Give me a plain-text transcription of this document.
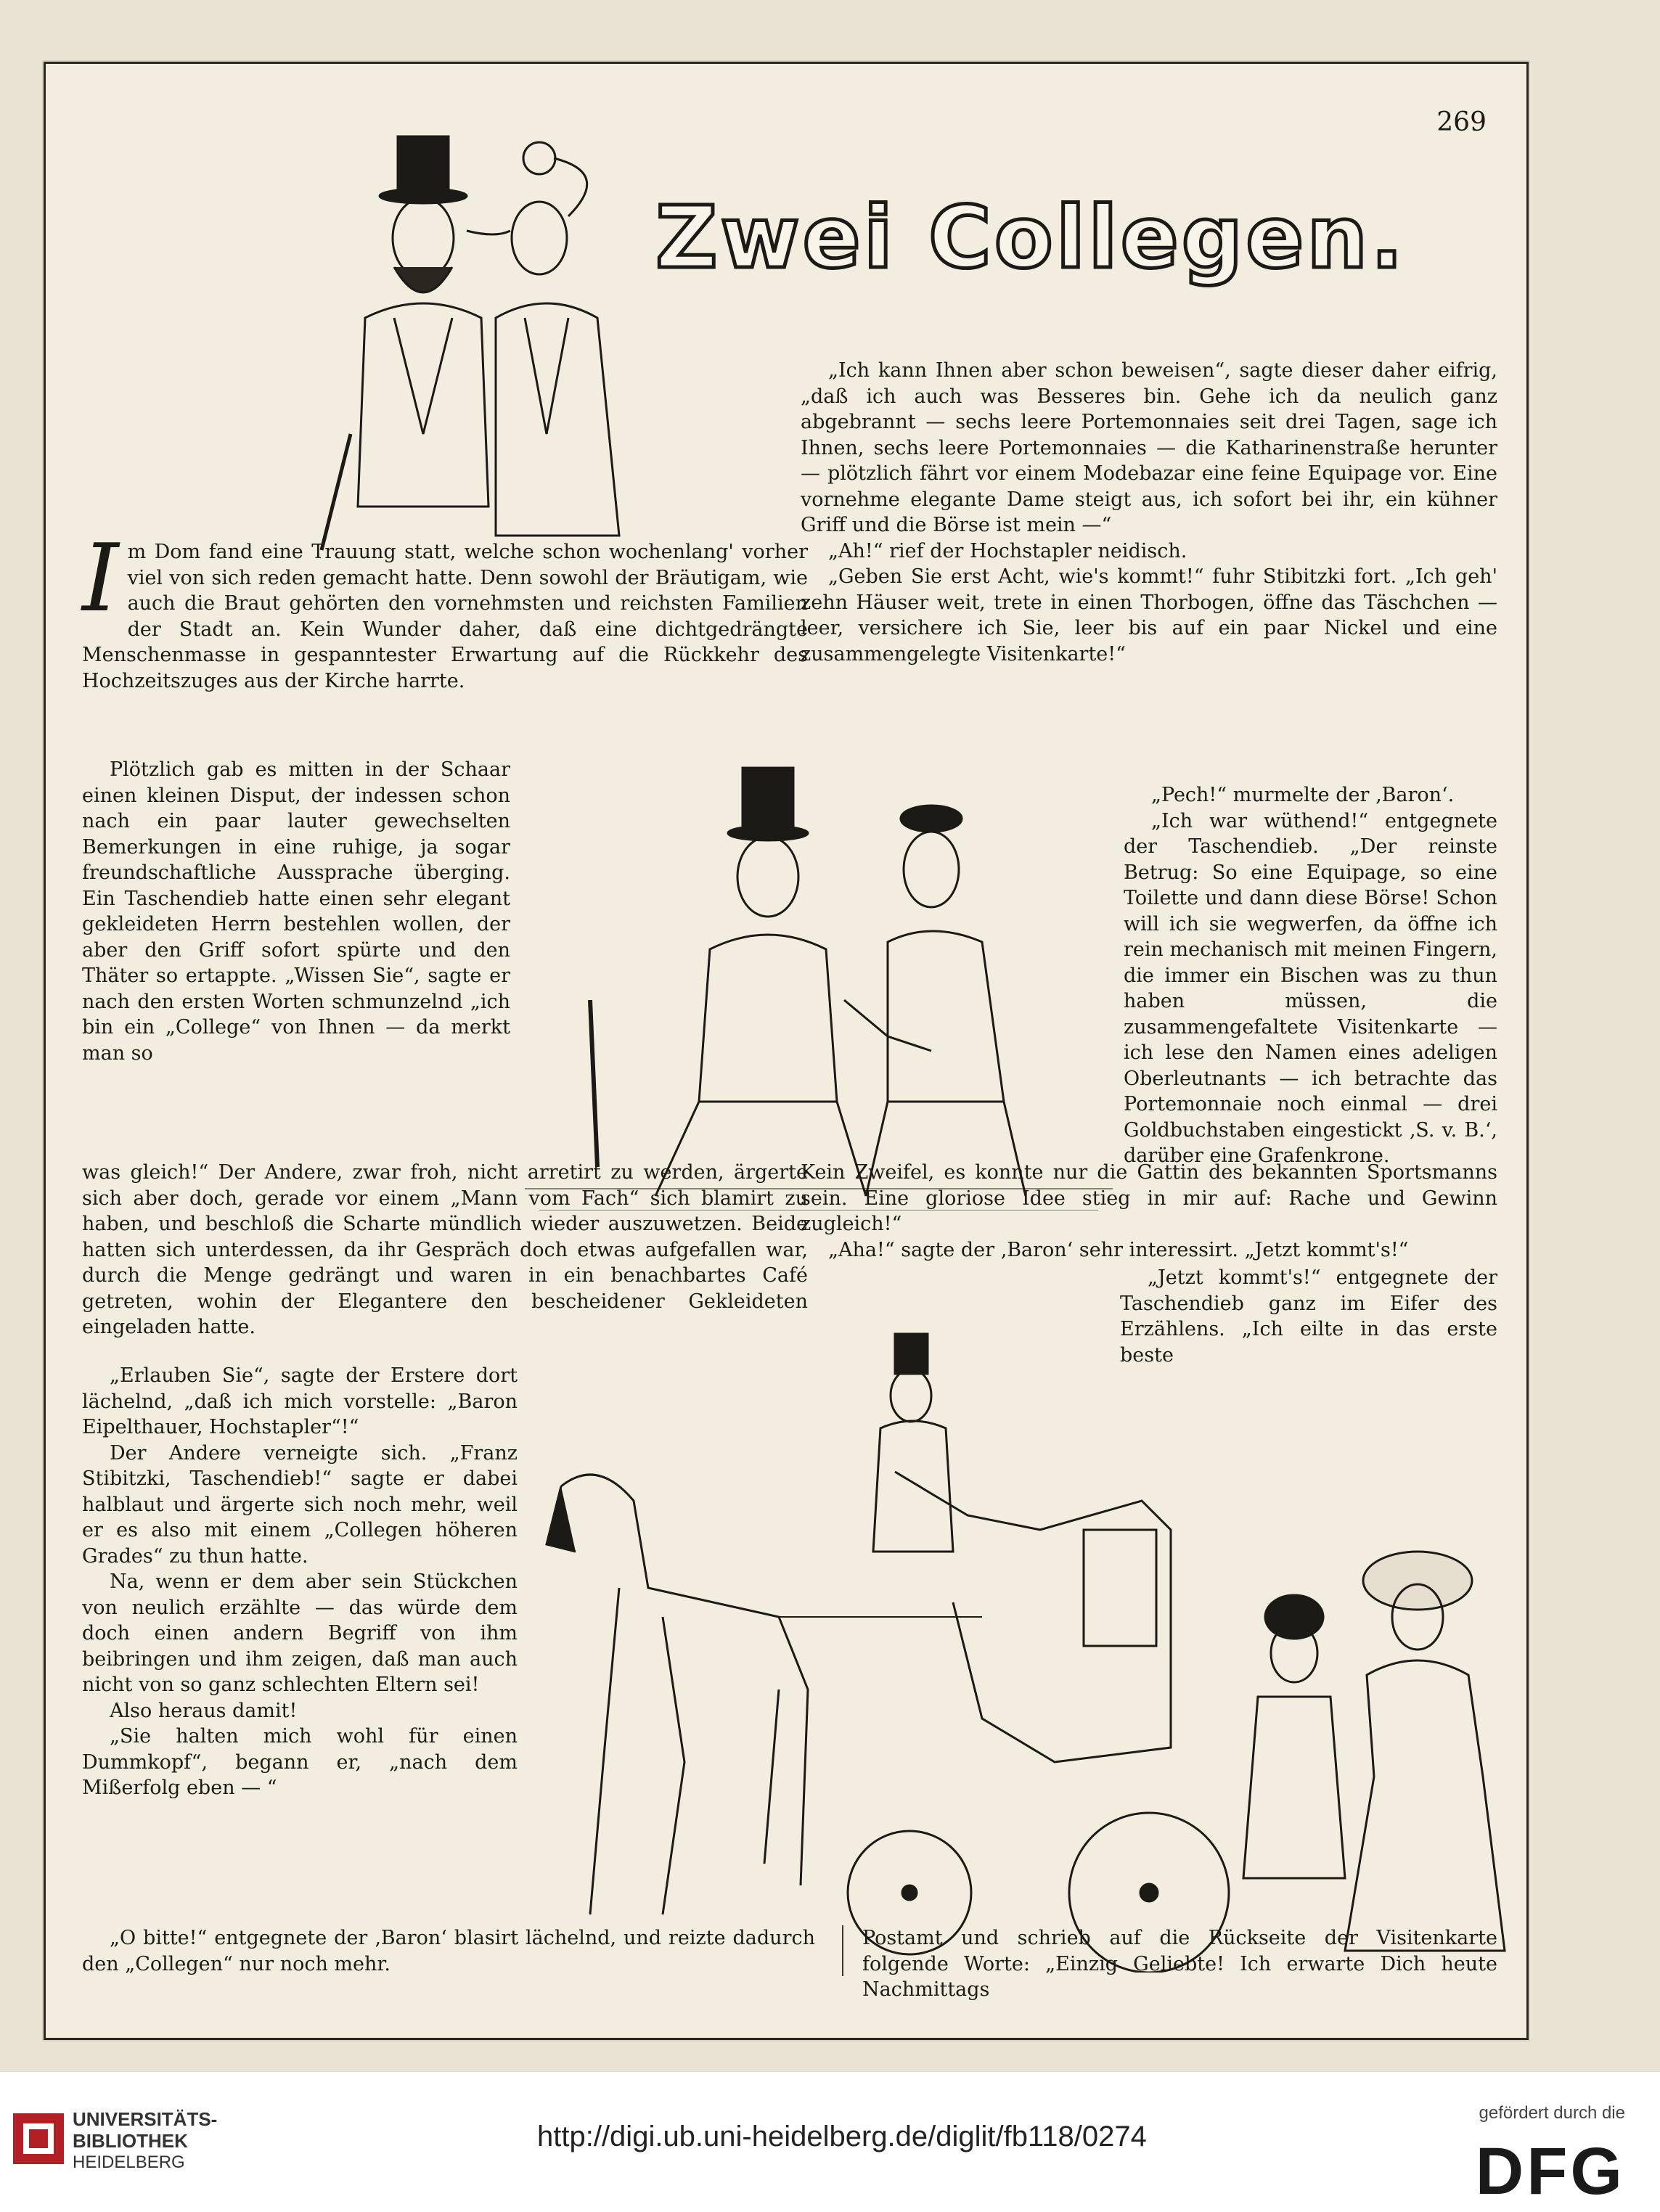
269
Zwei Collegen.
I m Dom fand eine Trauung statt, welche schon wochenlang' vorher viel von sich reden gemacht hatte. Denn sowohl der Bräutigam, wie auch die Braut gehörten den vornehmsten und reichsten Familien der Stadt an. Kein Wunder daher, daß eine dichtgedrängte Menschenmasse in gespanntester Erwartung auf die Rückkehr des Hochzeitszuges aus der Kirche harrte.

Plötzlich gab es mitten in der Schaar einen kleinen Disput, der indessen schon nach ein paar lauter gewechselten Bemerkungen in eine ruhige, ja sogar freundschaftliche Aussprache überging. Ein Taschendieb hatte einen sehr elegant gekleideten Herrn bestehlen wollen, der aber den Griff sofort spürte und den Thäter so ertappte. „Wissen Sie“, sagte er nach den ersten Worten schmunzelnd „ich bin ein „College“ von Ihnen — da merkt man so

„Pech!“ murmelte der ‚Baron‘.

„Ich war wüthend!“ entgegnete der Taschendieb. „Der reinste Betrug: So eine Equipage, so eine Toilette und dann diese Börse! Schon will ich sie wegwerfen, da öffne ich rein mechanisch mit meinen Fingern, die immer ein Bischen was zu thun haben müssen, die zusammengefaltete Visitenkarte — ich lese den Namen eines adeligen Oberleutnants — ich betrachte das Portemonnaie noch einmal — drei Goldbuchstaben eingestickt ‚S. v. B.‘, darüber eine Grafenkrone.

„Ich kann Ihnen aber schon beweisen“, sagte dieser daher eifrig, „daß ich auch was Besseres bin. Gehe ich da neulich ganz abgebrannt — sechs leere Portemonnaies seit drei Tagen, sage ich Ihnen, sechs leere Portemonnaies — die Katharinenstraße herunter — plötzlich fährt vor einem Modebazar eine feine Equipage vor. Eine vornehme elegante Dame steigt aus, ich sofort bei ihr, ein kühner Griff und die Börse ist mein —“

„Ah!“ rief der Hochstapler neidisch.

„Geben Sie erst Acht, wie's kommt!“ fuhr Stibitzki fort. „Ich geh' zehn Häuser weit, trete in einen Thorbogen, öffne das Täschchen — leer, versichere ich Sie, leer bis auf ein paar Nickel und eine zusammengelegte Visitenkarte!“

was gleich!“ Der Andere, zwar froh, nicht arretirt zu werden, ärgerte sich aber doch, gerade vor einem „Mann vom Fach“ sich blamirt zu haben, und beschloß die Scharte mündlich wieder auszuwetzen. Beide hatten sich unterdessen, da ihr Gespräch doch etwas aufgefallen war, durch die Menge gedrängt und waren in ein benachbartes Café getreten, wohin der Elegantere den bescheidener Gekleideten eingeladen hatte.

Kein Zweifel, es konnte nur die Gattin des bekannten Sportsmanns sein. Eine gloriose Idee stieg in mir auf: Rache und Gewinn zugleich!“

„Aha!“ sagte der ‚Baron‘ sehr interessirt. „Jetzt kommt's!“

„Jetzt kommt's!“ entgegnete der Taschendieb ganz im Eifer des Erzählens. „Ich eilte in das erste beste

„Erlauben Sie“, sagte der Erstere dort lächelnd, „daß ich mich vorstelle: „Baron Eipelthauer, Hochstapler“!“

Der Andere verneigte sich. „Franz Stibitzki, Taschendieb!“ sagte er dabei halblaut und ärgerte sich noch mehr, weil er es also mit einem „Collegen höheren Grades“ zu thun hatte.

Na, wenn er dem aber sein Stückchen von neulich erzählte — das würde dem doch einen andern Begriff von ihm beibringen und ihm zeigen, daß man auch nicht von so ganz schlechten Eltern sei!

Also heraus damit!

„Sie halten mich wohl für einen Dummkopf“, begann er, „nach dem Mißerfolg eben — “

„O bitte!“ entgegnete der ‚Baron‘ blasirt lächelnd, und reizte dadurch den „Collegen“ nur noch mehr.

Postamt und schrieb auf die Rückseite der Visitenkarte folgende Worte: „Einzig Geliebte! Ich erwarte Dich heute Nachmittags

UNIVERSITÄTS-
BIBLIOTHEK
HEIDELBERG
http://digi.ub.uni-heidelberg.de/diglit/fb118/0274
gefördert durch die
DFG
